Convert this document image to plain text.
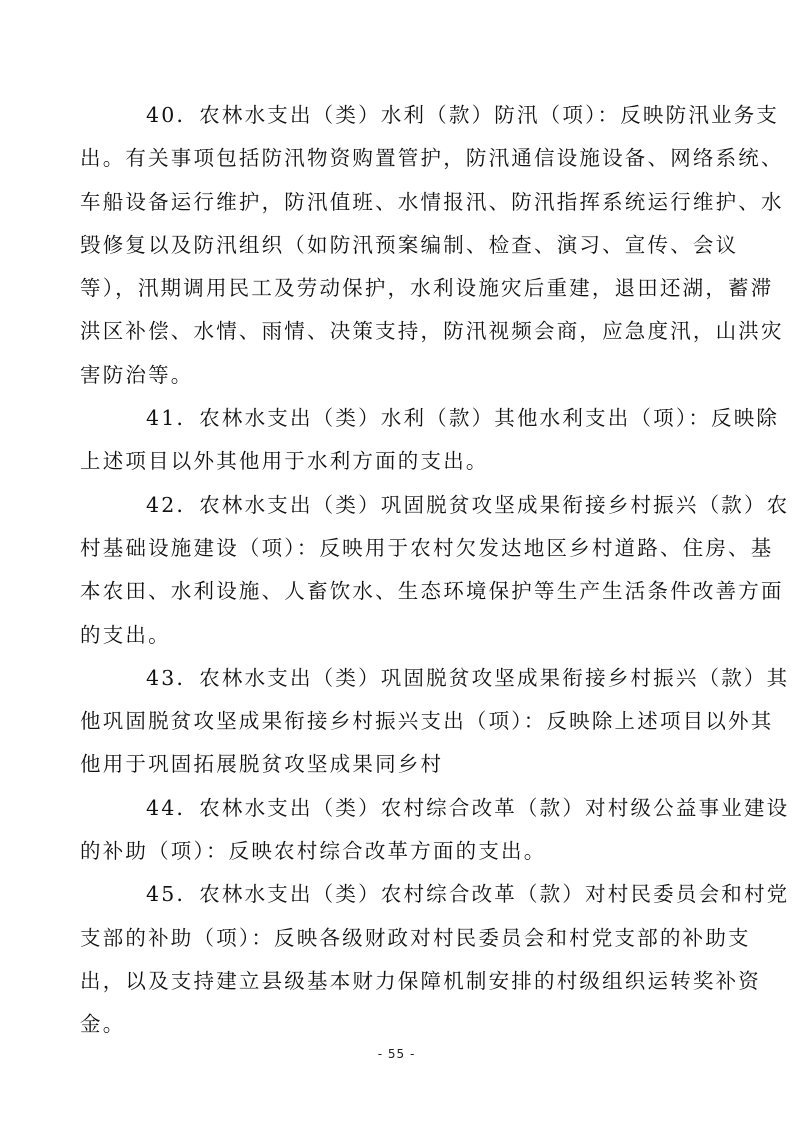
40．农林水支出（类）水利（款）防汛（项）：反映防汛业务支
出。有关事项包括防汛物资购置管护，防汛通信设施设备、网络系统、
车船设备运行维护，防汛值班、水情报汛、防汛指挥系统运行维护、水
毁修复以及防汛组织（如防汛预案编制、检查、演习、宣传、会议
等），汛期调用民工及劳动保护，水利设施灾后重建，退田还湖，蓄滞
洪区补偿、水情、雨情、决策支持，防汛视频会商，应急度汛，山洪灾
害防治等。

41．农林水支出（类）水利（款）其他水利支出（项）：反映除
上述项目以外其他用于水利方面的支出。

42．农林水支出（类）巩固脱贫攻坚成果衔接乡村振兴（款）农
村基础设施建设（项）：反映用于农村欠发达地区乡村道路、住房、基
本农田、水利设施、人畜饮水、生态环境保护等生产生活条件改善方面
的支出。

43．农林水支出（类）巩固脱贫攻坚成果衔接乡村振兴（款）其
他巩固脱贫攻坚成果衔接乡村振兴支出（项）：反映除上述项目以外其
他用于巩固拓展脱贫攻坚成果同乡村

44．农林水支出（类）农村综合改革（款）对村级公益事业建设
的补助（项）：反映农村综合改革方面的支出。

45．农林水支出（类）农村综合改革（款）对村民委员会和村党
支部的补助（项）：反映各级财政对村民委员会和村党支部的补助支
出，以及支持建立县级基本财力保障机制安排的村级组织运转奖补资
金。

- 55 -
